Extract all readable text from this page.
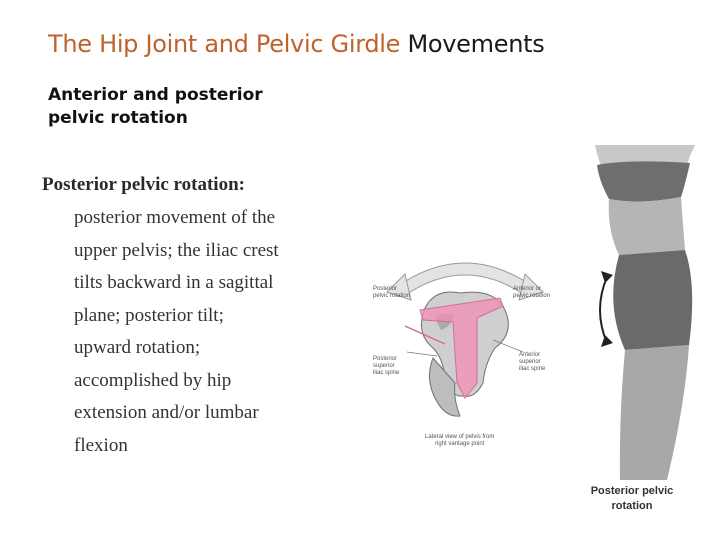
The Hip Joint and Pelvic Girdle Movements
Anterior and posterior pelvic rotation

Posterior pelvic rotation:

posterior movement of the
upper pelvis; the iliac crest
tilts backward in a sagittal
plane; posterior tilt;
upward rotation;
accomplished by hip
extension and/or lumbar
flexion
Posterior
pelvic rotation
Anterior or
pelvic rotation
Posterior
superior
iliac spine
Anterior
superior
iliac spine
Lateral view of pelvis from
right vantage point
Posterior pelvic rotation
